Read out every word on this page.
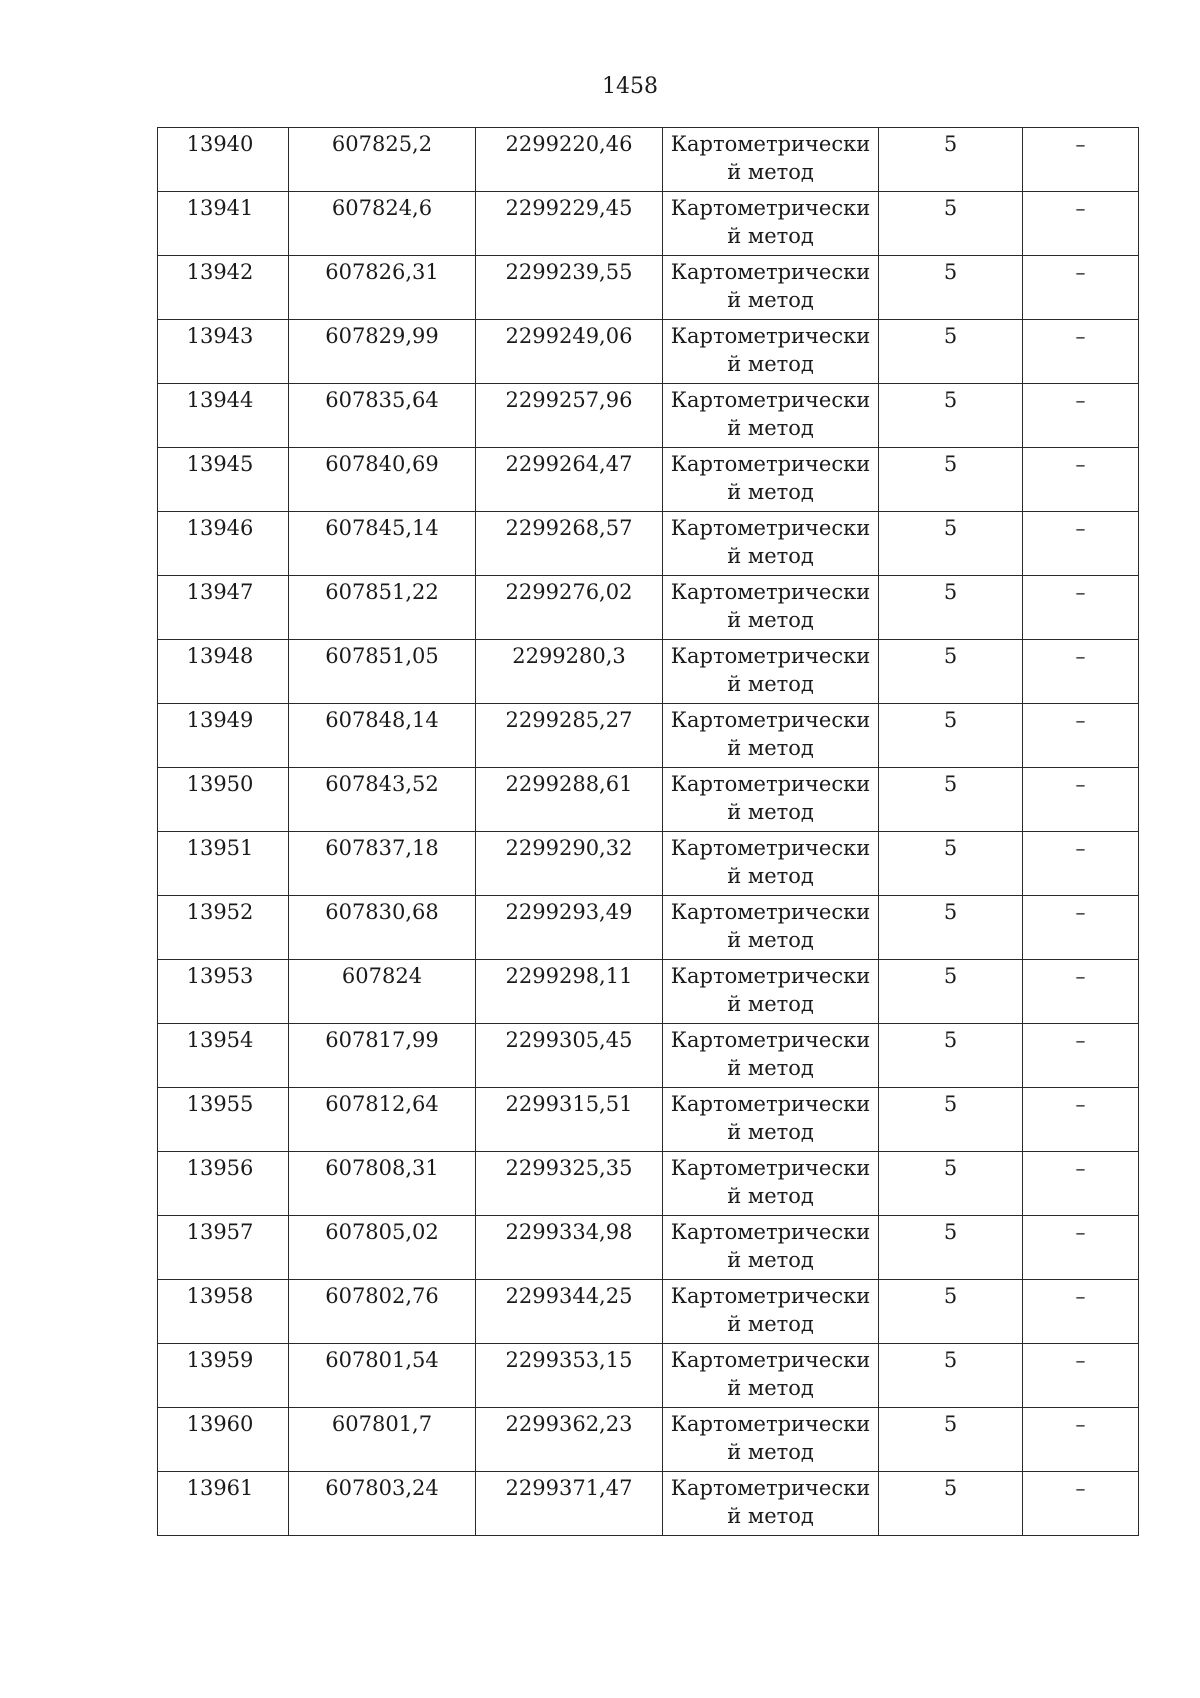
1458
13940	607825,2	2299220,46	Картометрически
й метод	5	–

13941	607824,6	2299229,45	Картометрически
й метод	5	–

13942	607826,31	2299239,55	Картометрически
й метод	5	–

13943	607829,99	2299249,06	Картометрически
й метод	5	–

13944	607835,64	2299257,96	Картометрически
й метод	5	–

13945	607840,69	2299264,47	Картометрически
й метод	5	–

13946	607845,14	2299268,57	Картометрически
й метод	5	–

13947	607851,22	2299276,02	Картометрически
й метод	5	–

13948	607851,05	2299280,3	Картометрически
й метод	5	–

13949	607848,14	2299285,27	Картометрически
й метод	5	–

13950	607843,52	2299288,61	Картометрически
й метод	5	–

13951	607837,18	2299290,32	Картометрически
й метод	5	–

13952	607830,68	2299293,49	Картометрически
й метод	5	–

13953	607824	2299298,11	Картометрически
й метод	5	–

13954	607817,99	2299305,45	Картометрически
й метод	5	–

13955	607812,64	2299315,51	Картометрически
й метод	5	–

13956	607808,31	2299325,35	Картометрически
й метод	5	–

13957	607805,02	2299334,98	Картометрически
й метод	5	–

13958	607802,76	2299344,25	Картометрически
й метод	5	–

13959	607801,54	2299353,15	Картометрически
й метод	5	–

13960	607801,7	2299362,23	Картометрически
й метод	5	–

13961	607803,24	2299371,47	Картометрически
й метод	5	–
